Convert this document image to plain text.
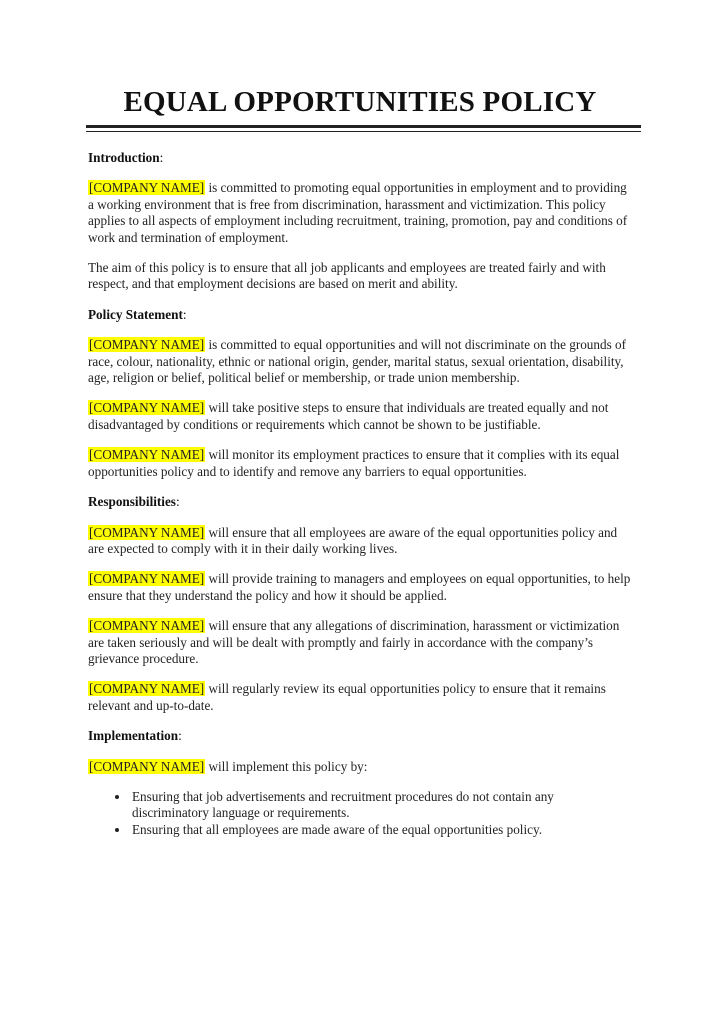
EQUAL OPPORTUNITIES POLICY
Introduction:

[COMPANY NAME] is committed to promoting equal opportunities in employment and to providing a working environment that is free from discrimination, harassment and victimization. This policy applies to all aspects of employment including recruitment, training, promotion, pay and conditions of work and termination of employment.

The aim of this policy is to ensure that all job applicants and employees are treated fairly and with respect, and that employment decisions are based on merit and ability.

Policy Statement:

[COMPANY NAME] is committed to equal opportunities and will not discriminate on the grounds of race, colour, nationality, ethnic or national origin, gender, marital status, sexual orientation, disability, age, religion or belief, political belief or membership, or trade union membership.

[COMPANY NAME] will take positive steps to ensure that individuals are treated equally and not disadvantaged by conditions or requirements which cannot be shown to be justifiable.

[COMPANY NAME] will monitor its employment practices to ensure that it complies with its equal opportunities policy and to identify and remove any barriers to equal opportunities.

Responsibilities:

[COMPANY NAME] will ensure that all employees are aware of the equal opportunities policy and are expected to comply with it in their daily working lives.

[COMPANY NAME] will provide training to managers and employees on equal opportunities, to help ensure that they understand the policy and how it should be applied.

[COMPANY NAME] will ensure that any allegations of discrimination, harassment or victimization are taken seriously and will be dealt with promptly and fairly in accordance with the company’s grievance procedure.

[COMPANY NAME] will regularly review its equal opportunities policy to ensure that it remains relevant and up-to-date.

Implementation:

[COMPANY NAME] will implement this policy by:

• Ensuring that job advertisements and recruitment procedures do not contain any discriminatory language or requirements.
• Ensuring that all employees are made aware of the equal opportunities policy.
